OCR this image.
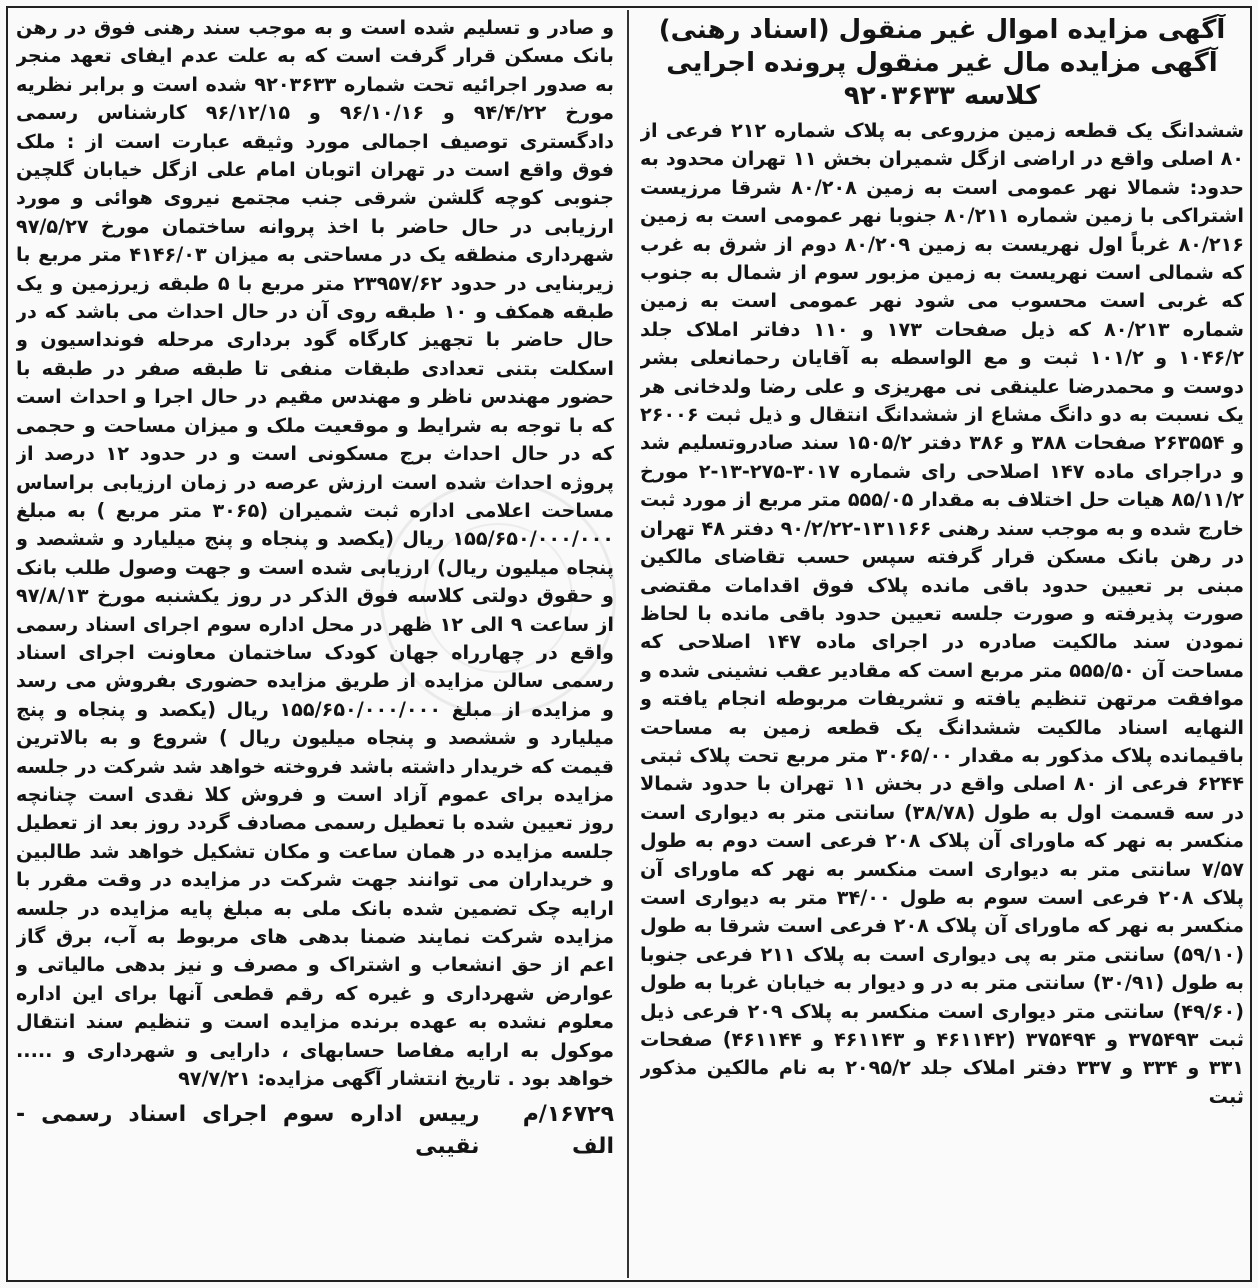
آگهی مزایده اموال غیر منقول (اسناد رهنی)
آگهی مزایده مال غیر منقول پرونده اجرایی
کلاسه ۹۲۰۳۶۳۳
ششدانگ یک قطعه زمین مزروعی به پلاک شماره ۲۱۲ فرعی از ۸۰ اصلی واقع در اراضی ازگل شمیران بخش ۱۱ تهران محدود به حدود: شمالا نهر عمومی است به زمین ۸۰/۲۰۸ شرقا مرزیست اشتراکی با زمین شماره ۸۰/۲۱۱ جنوبا نهر عمومی است به زمین ۸۰/۲۱۶ غرباً اول نهریست به زمین ۸۰/۲۰۹ دوم از شرق به غرب که شمالی است نهریست به زمین مزبور سوم از شمال به جنوب که غربی است محسوب می شود نهر عمومی است به زمین شماره ۸۰/۲۱۳ که ذیل صفحات ۱۷۳ و ۱۱۰ دفاتر املاک جلد ۱۰۴۶/۲ و ۱۰۱/۲ ثبت و مع الواسطه به آقایان رحمانعلی بشر دوست و محمدرضا علینقی نی مهریزی و علی رضا ولدخانی هر یک نسبت به دو دانگ مشاع از ششدانگ انتقال و ذیل ثبت ۲۶۰۰۶ و ۲۶۳۵۵۴ صفحات ۳۸۸ و ۳۸۶ دفتر ۱۵۰۵/۲ سند صادروتسلیم شد و دراجرای ماده ۱۴۷ اصلاحی رای شماره ۳۰۱۷-۲۷۵-۱۳-۲ مورخ ۸۵/۱۱/۲ هیات حل اختلاف به مقدار ۵۵۵/۰۵ متر مربع از مورد ثبت خارج شده و به موجب سند رهنی ۱۳۱۱۶۶-۹۰/۲/۲۲ دفتر ۴۸ تهران در رهن بانک مسکن قرار گرفته سپس حسب تقاضای مالکین مبنی بر تعیین حدود باقی مانده پلاک فوق اقدامات مقتضی صورت پذیرفته و صورت جلسه تعیین حدود باقی مانده با لحاظ نمودن سند مالکیت صادره در اجرای ماده ۱۴۷ اصلاحی که مساحت آن ۵۵۵/۵۰ متر مربع است که مقادیر عقب نشینی شده و موافقت مرتهن تنظیم یافته و تشریفات مربوطه انجام یافته و النهایه اسناد مالکیت ششدانگ یک قطعه زمین به مساحت باقیمانده پلاک مذکور به مقدار ۳۰۶۵/۰۰ متر مربع تحت پلاک ثبتی ۶۲۴۴ فرعی از ۸۰ اصلی واقع در بخش ۱۱ تهران با حدود شمالا در سه قسمت اول به طول (۳۸/۷۸) سانتی متر به دیواری است منکسر به نهر که ماورای آن پلاک ۲۰۸ فرعی است دوم به طول ۷/۵۷ سانتی متر به دیواری است منکسر به نهر که ماورای آن پلاک ۲۰۸ فرعی است سوم به طول ۳۴/۰۰ متر به دیواری است منکسر به نهر که ماورای آن پلاک ۲۰۸ فرعی است شرقا به طول (۵۹/۱۰) سانتی متر به پی دیواری است به پلاک ۲۱۱ فرعی جنوبا به طول (۳۰/۹۱) سانتی متر به در و دیوار به خیابان غربا به طول (۴۹/۶۰) سانتی متر دیواری است منکسر به پلاک ۲۰۹ فرعی ذیل ثبت ۳۷۵۴۹۳ و ۳۷۵۴۹۴ (۴۶۱۱۴۲ و ۴۶۱۱۴۳ و ۴۶۱۱۴۴) صفحات ۳۳۱ و ۳۳۴ و ۳۳۷ دفتر املاک جلد ۲۰۹۵/۲ به نام مالکین مذکور ثبت
و صادر و تسلیم شده است و به موجب سند رهنی فوق در رهن بانک مسکن قرار گرفت است که به علت عدم ایفای تعهد منجر به صدور اجرائیه تحت شماره ۹۲۰۳۶۳۳ شده است و برابر نظریه مورخ ۹۴/۴/۲۲ و ۹۶/۱۰/۱۶ و ۹۶/۱۲/۱۵ کارشناس رسمی دادگستری توصیف اجمالی مورد وثیقه عبارت است از : ملک فوق واقع است در تهران اتوبان امام علی ازگل خیابان گلچین جنوبی کوچه گلشن شرقی جنب مجتمع نیروی هوائی و مورد ارزیابی در حال حاضر با اخذ پروانه ساختمان مورخ ۹۷/۵/۲۷ شهرداری منطقه یک در مساحتی به میزان ۴۱۴۶/۰۳ متر مربع با زیربنایی در حدود ۲۳۹۵۷/۶۲ متر مربع با ۵ طبقه زیرزمین و یک طبقه همکف و ۱۰ طبقه روی آن در حال احداث می باشد که در حال حاضر با تجهیز کارگاه گود برداری مرحله فونداسیون و اسکلت بتنی تعدادی طبقات منفی تا طبقه صفر در طبقه با حضور مهندس ناظر و مهندس مقیم در حال اجرا و احداث است که با توجه به شرایط و موقعیت ملک و میزان مساحت و حجمی که در حال احداث برج مسکونی است و در حدود ۱۲ درصد از پروژه احداث شده است ارزش عرصه در زمان ارزیابی براساس مساحت اعلامی اداره ثبت شمیران (۳۰۶۵ متر مربع ) به مبلغ ۱۵۵/۶۵۰/۰۰۰/۰۰۰ ریال (یکصد و پنجاه و پنج میلیارد و ششصد و پنجاه میلیون ریال) ارزیابی شده است و جهت وصول طلب بانک و حقوق دولتی کلاسه فوق الذکر در روز یکشنبه مورخ ۹۷/۸/۱۳ از ساعت ۹ الی ۱۲ ظهر در محل اداره سوم اجرای اسناد رسمی واقع در چهارراه جهان کودک ساختمان معاونت اجرای اسناد رسمی سالن مزایده از طریق مزایده حضوری بفروش می رسد و مزایده از مبلغ ۱۵۵/۶۵۰/۰۰۰/۰۰۰ ریال (یکصد و پنجاه و پنج میلیارد و ششصد و پنجاه میلیون ریال ) شروع و به بالاترین قیمت که خریدار داشته باشد فروخته خواهد شد شرکت در جلسه مزایده برای عموم آزاد است و فروش کلا نقدی است چنانچه روز تعیین شده با تعطیل رسمی مصادف گردد روز بعد از تعطیل جلسه مزایده در همان ساعت و مکان تشکیل خواهد شد طالبین و خریداران می توانند جهت شرکت در مزایده در وقت مقرر با ارایه چک تضمین شده بانک ملی به مبلغ پایه مزایده در جلسه مزایده شرکت نمایند ضمنا بدهی های مربوط به آب، برق گاز اعم از حق انشعاب و اشتراک و مصرف و نیز بدهی مالیاتی و عوارض شهرداری و غیره که رقم قطعی آنها برای این اداره معلوم نشده به عهده برنده مزایده است و تنظیم سند انتقال موکول به ارایه مفاصا حسابهای ، دارایی و شهرداری و ..... خواهد بود . تاریخ انتشار آگهی مزایده: ۹۷/۷/۲۱
۱۶۷۲۹/م الف
رییس اداره سوم اجرای اسناد رسمی - نقیبی
